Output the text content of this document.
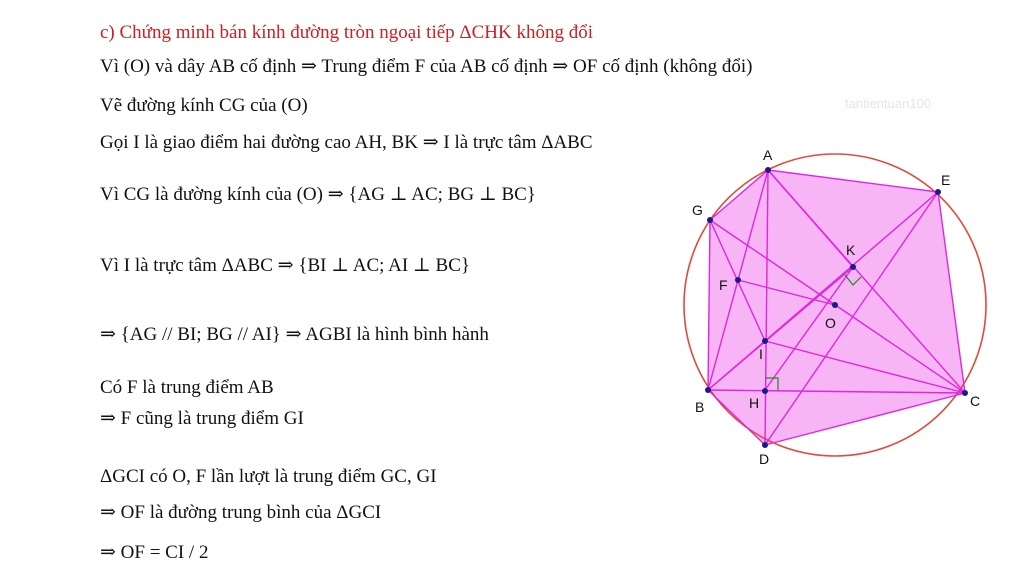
c) Chứng minh bán kính đường tròn ngoại tiếp ΔCHK không đổi
Vì (O) và dây AB cố định ⇒ Trung điểm F của AB cố định ⇒ OF cố định (không đổi)
Vẽ đường kính CG của (O)
Gọi I là giao điểm hai đường cao AH, BK ⇒ I là trực tâm ΔABC
Vì CG là đường kính của (O) ⇒ {AG ⊥ AC; BG ⊥ BC}
Vì I là trực tâm ΔABC ⇒ {BI ⊥ AC; AI ⊥ BC}
⇒ {AG // BI; BG // AI} ⇒ AGBI là hình bình hành
Có F là trung điểm AB
⇒ F cũng là trung điểm GI
ΔGCI có O, F lần lượt là trung điểm GC, GI
⇒ OF là đường trung bình của ΔGCI
⇒ OF = CI / 2
tantientuan100
A
E
G
K
F
O
I
B	H	C
D
